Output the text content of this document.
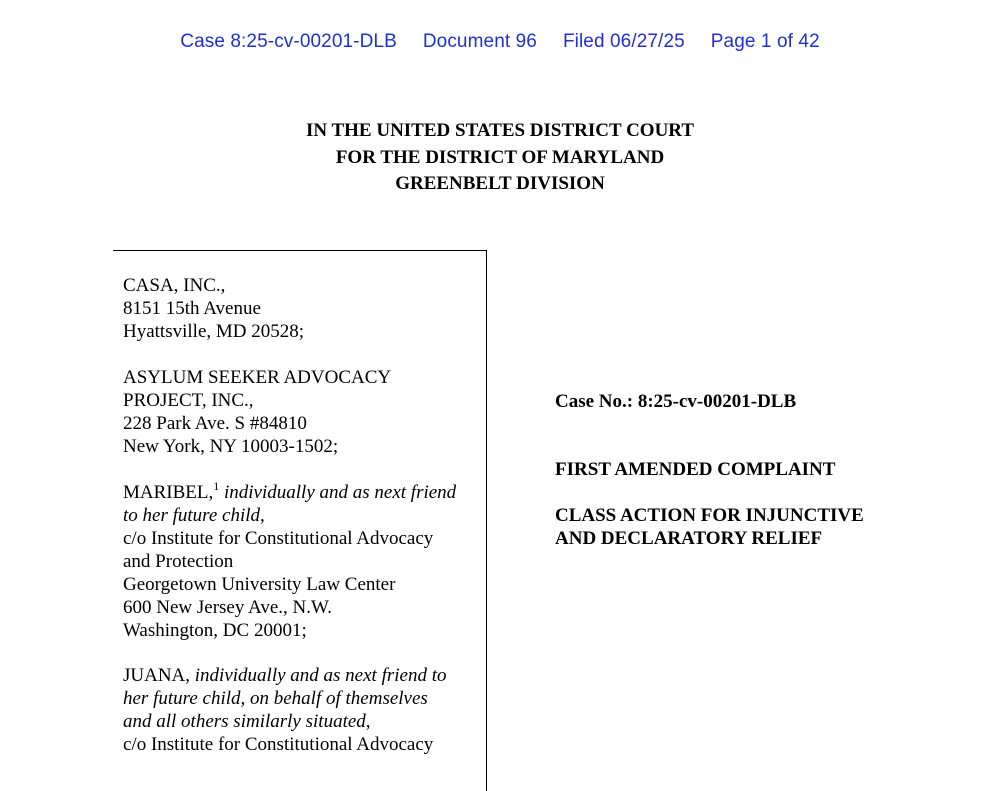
Case 8:25-cv-00201-DLB Document 96 Filed 06/27/25 Page 1 of 42
IN THE UNITED STATES DISTRICT COURT
FOR THE DISTRICT OF MARYLAND
GREENBELT DIVISION
CASA, INC.,
8151 15th Avenue
Hyattsville, MD 20528;
ASYLUM SEEKER ADVOCACY
PROJECT, INC.,
228 Park Ave. S #84810
New York, NY 10003-1502;
MARIBEL,$^1$ individually and as next friend
to her future child,
c/o Institute for Constitutional Advocacy
and Protection
Georgetown University Law Center
600 New Jersey Ave., N.W.
Washington, DC 20001;
JUANA, individually and as next friend to
her future child, on behalf of themselves
and all others similarly situated,
c/o Institute for Constitutional Advocacy
Case No.: 8:25-cv-00201-DLB
FIRST AMENDED COMPLAINT
CLASS ACTION FOR INJUNCTIVE
AND DECLARATORY RELIEF
